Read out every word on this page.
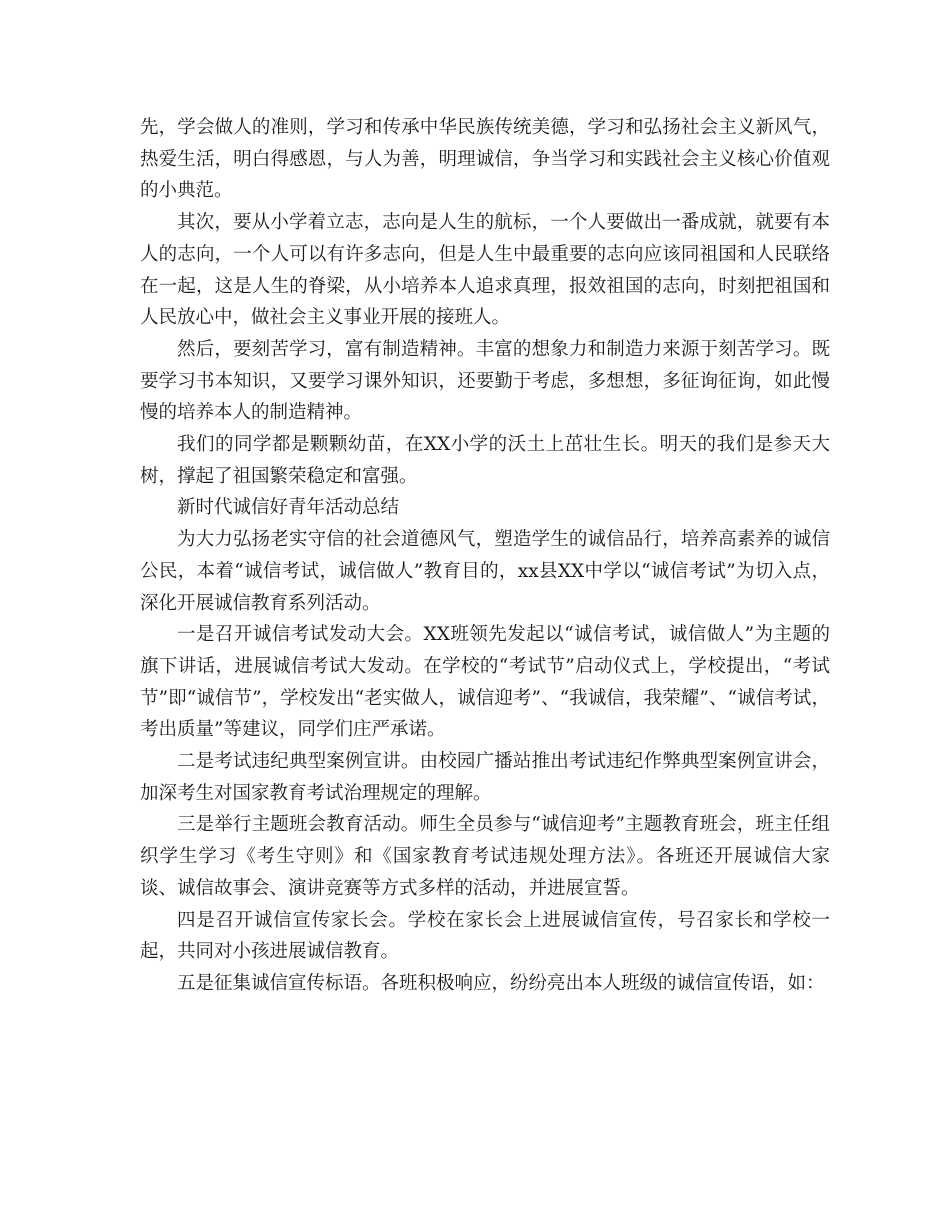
先，学会做人的准则，学习和传承中华民族传统美德，学习和弘扬社会主义新风气，热爱生活，明白得感恩，与人为善，明理诚信，争当学习和实践社会主义核心价值观的小典范。

其次，要从小学着立志，志向是人生的航标，一个人要做出一番成就，就要有本人的志向，一个人可以有许多志向，但是人生中最重要的志向应该同祖国和人民联络在一起，这是人生的脊梁，从小培养本人追求真理，报效祖国的志向，时刻把祖国和人民放心中，做社会主义事业开展的接班人。

然后，要刻苦学习，富有制造精神。丰富的想象力和制造力来源于刻苦学习。既要学习书本知识，又要学习课外知识，还要勤于考虑，多想想，多征询征询，如此慢慢的培养本人的制造精神。

我们的同学都是颗颗幼苗，在XX小学的沃土上茁壮生长。明天的我们是参天大树，撑起了祖国繁荣稳定和富强。

新时代诚信好青年活动总结

为大力弘扬老实守信的社会道德风气，塑造学生的诚信品行，培养高素养的诚信公民，本着“诚信考试，诚信做人”教育目的，xx县XX中学以“诚信考试”为切入点，深化开展诚信教育系列活动。

一是召开诚信考试发动大会。XX班领先发起以“诚信考试，诚信做人”为主题的旗下讲话，进展诚信考试大发动。在学校的“考试节”启动仪式上，学校提出，“考试节”即“诚信节”，学校发出“老实做人，诚信迎考”、“我诚信，我荣耀”、“诚信考试，考出质量”等建议，同学们庄严承诺。

二是考试违纪典型案例宣讲。由校园广播站推出考试违纪作弊典型案例宣讲会，加深考生对国家教育考试治理规定的理解。

三是举行主题班会教育活动。师生全员参与“诚信迎考”主题教育班会，班主任组织学生学习《考生守则》和《国家教育考试违规处理方法》。各班还开展诚信大家谈、诚信故事会、演讲竞赛等方式多样的活动，并进展宣誓。

四是召开诚信宣传家长会。学校在家长会上进展诚信宣传，号召家长和学校一起，共同对小孩进展诚信教育。

五是征集诚信宣传标语。各班积极响应，纷纷亮出本人班级的诚信宣传语，如：
